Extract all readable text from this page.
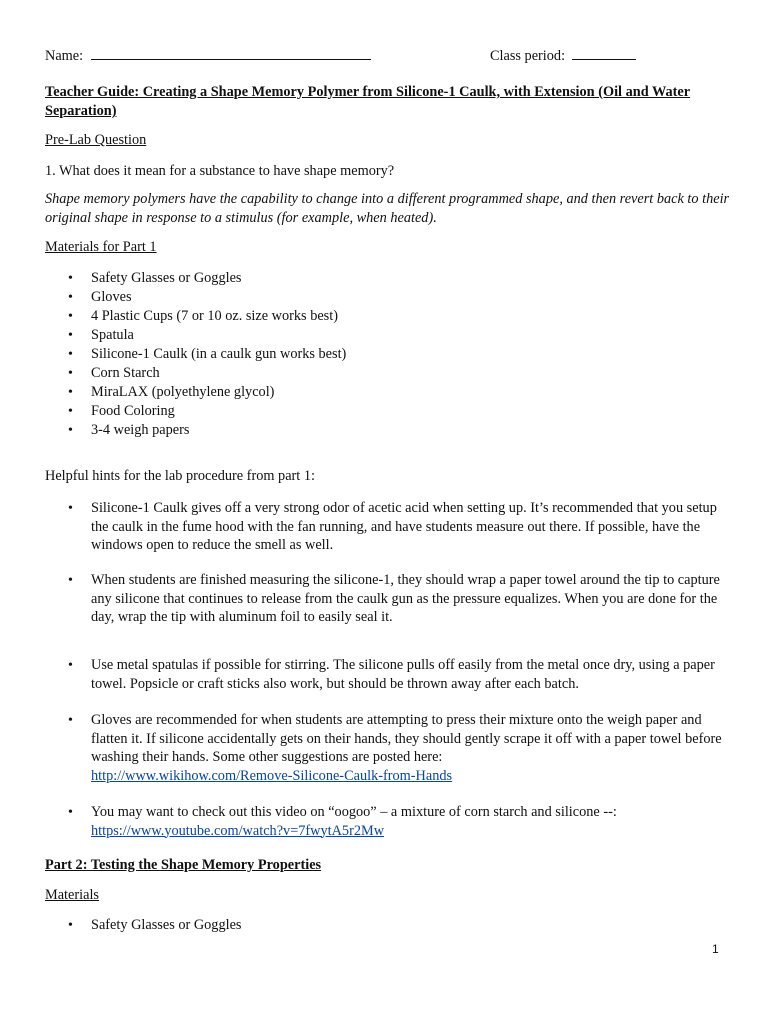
Name:	Class period:
Teacher Guide: Creating a Shape Memory Polymer from Silicone-1 Caulk, with Extension (Oil and Water Separation)
Pre-Lab Question
1. What does it mean for a substance to have shape memory?
Shape memory polymers have the capability to change into a different programmed shape, and then revert back to their original shape in response to a stimulus (for example, when heated).
Materials for Part 1
• Safety Glasses or Goggles
• Gloves
• 4 Plastic Cups (7 or 10 oz. size works best)
• Spatula
• Silicone-1 Caulk (in a caulk gun works best)
• Corn Starch
• MiraLAX (polyethylene glycol)
• Food Coloring
• 3-4 weigh papers
Helpful hints for the lab procedure from part 1:
• Silicone-1 Caulk gives off a very strong odor of acetic acid when setting up. It’s recommended that you setup the caulk in the fume hood with the fan running, and have students measure out there. If possible, have the windows open to reduce the smell as well.
• When students are finished measuring the silicone-1, they should wrap a paper towel around the tip to capture any silicone that continues to release from the caulk gun as the pressure equalizes. When you are done for the day, wrap the tip with aluminum foil to easily seal it.
• Use metal spatulas if possible for stirring. The silicone pulls off easily from the metal once dry, using a paper towel. Popsicle or craft sticks also work, but should be thrown away after each batch.
• Gloves are recommended for when students are attempting to press their mixture onto the weigh paper and flatten it. If silicone accidentally gets on their hands, they should gently scrape it off with a paper towel before washing their hands. Some other suggestions are posted here:
http://www.wikihow.com/Remove-Silicone-Caulk-from-Hands
• You may want to check out this video on “oogoo” – a mixture of corn starch and silicone --:
https://www.youtube.com/watch?v=7fwytA5r2Mw
Part 2: Testing the Shape Memory Properties
Materials
• Safety Glasses or Goggles
1
